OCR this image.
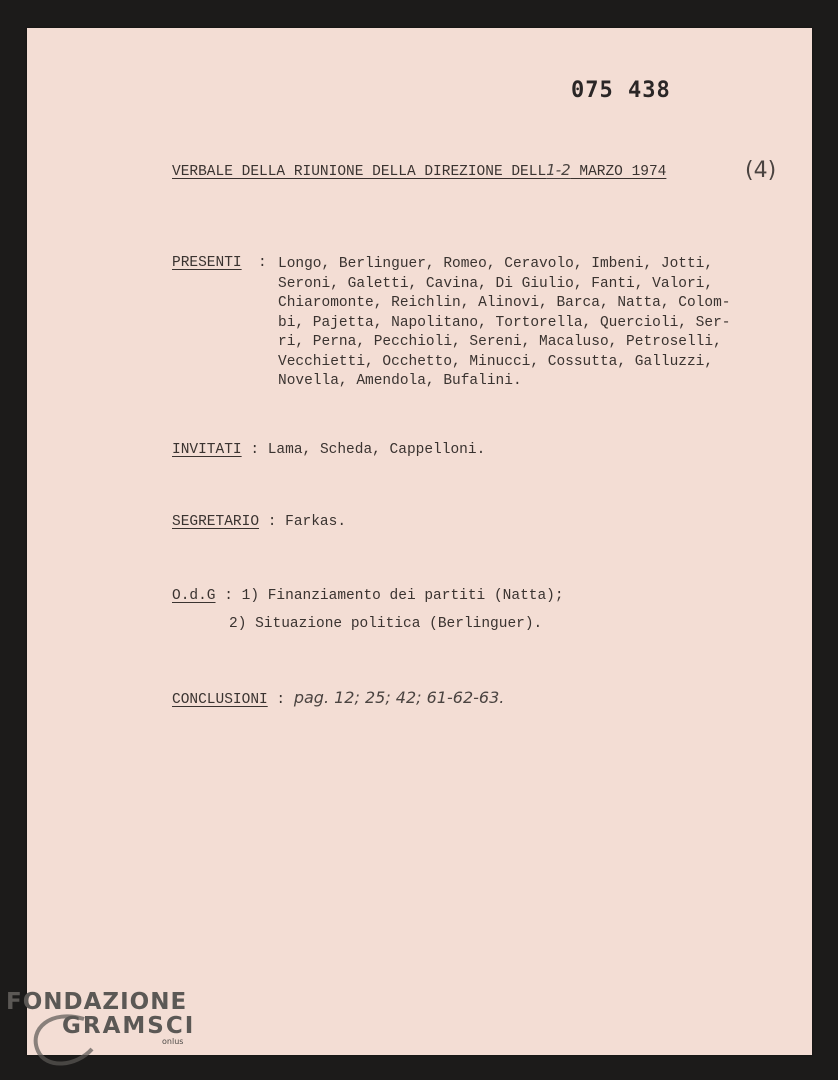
075 438
VERBALE DELLA RIUNIONE DELLA DIREZIONE DELL1-2 MARZO 1974	(4)
PRESENTI : Longo, Berlinguer, Romeo, Ceravolo, Imbeni, Jotti,
Seroni, Galetti, Cavina, Di Giulio, Fanti, Valori,
Chiaromonte, Reichlin, Alinovi, Barca, Natta, Colom-
bi, Pajetta, Napolitano, Tortorella, Quercioli, Ser-
ri, Perna, Pecchioli, Sereni, Macaluso, Petroselli,
Vecchietti, Occhetto, Minucci, Cossutta, Galluzzi,
Novella, Amendola, Bufalini.
INVITATI : Lama, Scheda, Cappelloni.
SEGRETARIO : Farkas.
O.d.G : 1) Finanziamento dei partiti (Natta);
2) Situazione politica (Berlinguer).
CONCLUSIONI : pag. 12; 25; 42; 61-62-63.
FONDAZIONE
GRAMSCI
onlus
